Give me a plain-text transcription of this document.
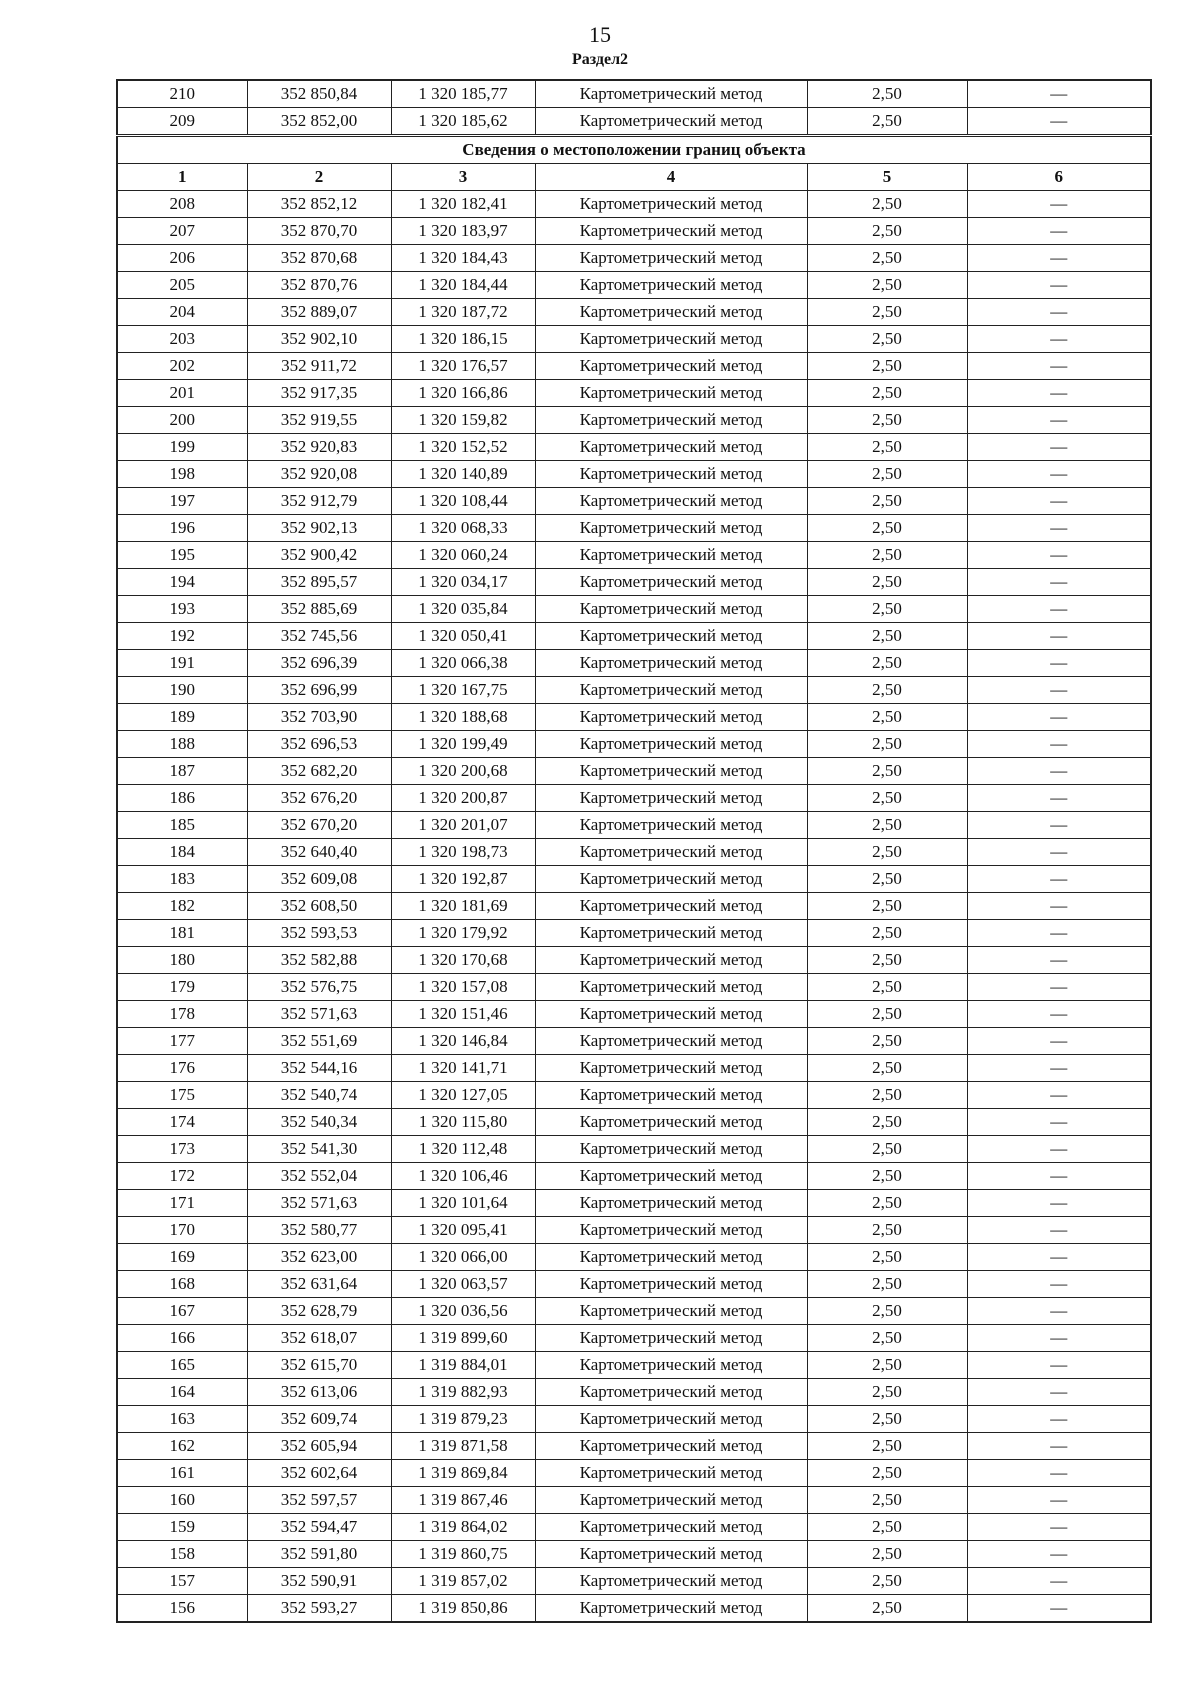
15
Раздел2
210	352 850,84	1 320 185,77	Картометрический метод	2,50	—
209	352 852,00	1 320 185,62	Картометрический метод	2,50	—
Сведения о местоположении границ объекта					
1	2	3	4	5	6
208	352 852,12	1 320 182,41	Картометрический метод	2,50	—
207	352 870,70	1 320 183,97	Картометрический метод	2,50	—
206	352 870,68	1 320 184,43	Картометрический метод	2,50	—
205	352 870,76	1 320 184,44	Картометрический метод	2,50	—
204	352 889,07	1 320 187,72	Картометрический метод	2,50	—
203	352 902,10	1 320 186,15	Картометрический метод	2,50	—
202	352 911,72	1 320 176,57	Картометрический метод	2,50	—
201	352 917,35	1 320 166,86	Картометрический метод	2,50	—
200	352 919,55	1 320 159,82	Картометрический метод	2,50	—
199	352 920,83	1 320 152,52	Картометрический метод	2,50	—
198	352 920,08	1 320 140,89	Картометрический метод	2,50	—
197	352 912,79	1 320 108,44	Картометрический метод	2,50	—
196	352 902,13	1 320 068,33	Картометрический метод	2,50	—
195	352 900,42	1 320 060,24	Картометрический метод	2,50	—
194	352 895,57	1 320 034,17	Картометрический метод	2,50	—
193	352 885,69	1 320 035,84	Картометрический метод	2,50	—
192	352 745,56	1 320 050,41	Картометрический метод	2,50	—
191	352 696,39	1 320 066,38	Картометрический метод	2,50	—
190	352 696,99	1 320 167,75	Картометрический метод	2,50	—
189	352 703,90	1 320 188,68	Картометрический метод	2,50	—
188	352 696,53	1 320 199,49	Картометрический метод	2,50	—
187	352 682,20	1 320 200,68	Картометрический метод	2,50	—
186	352 676,20	1 320 200,87	Картометрический метод	2,50	—
185	352 670,20	1 320 201,07	Картометрический метод	2,50	—
184	352 640,40	1 320 198,73	Картометрический метод	2,50	—
183	352 609,08	1 320 192,87	Картометрический метод	2,50	—
182	352 608,50	1 320 181,69	Картометрический метод	2,50	—
181	352 593,53	1 320 179,92	Картометрический метод	2,50	—
180	352 582,88	1 320 170,68	Картометрический метод	2,50	—
179	352 576,75	1 320 157,08	Картометрический метод	2,50	—
178	352 571,63	1 320 151,46	Картометрический метод	2,50	—
177	352 551,69	1 320 146,84	Картометрический метод	2,50	—
176	352 544,16	1 320 141,71	Картометрический метод	2,50	—
175	352 540,74	1 320 127,05	Картометрический метод	2,50	—
174	352 540,34	1 320 115,80	Картометрический метод	2,50	—
173	352 541,30	1 320 112,48	Картометрический метод	2,50	—
172	352 552,04	1 320 106,46	Картометрический метод	2,50	—
171	352 571,63	1 320 101,64	Картометрический метод	2,50	—
170	352 580,77	1 320 095,41	Картометрический метод	2,50	—
169	352 623,00	1 320 066,00	Картометрический метод	2,50	—
168	352 631,64	1 320 063,57	Картометрический метод	2,50	—
167	352 628,79	1 320 036,56	Картометрический метод	2,50	—
166	352 618,07	1 319 899,60	Картометрический метод	2,50	—
165	352 615,70	1 319 884,01	Картометрический метод	2,50	—
164	352 613,06	1 319 882,93	Картометрический метод	2,50	—
163	352 609,74	1 319 879,23	Картометрический метод	2,50	—
162	352 605,94	1 319 871,58	Картометрический метод	2,50	—
161	352 602,64	1 319 869,84	Картометрический метод	2,50	—
160	352 597,57	1 319 867,46	Картометрический метод	2,50	—
159	352 594,47	1 319 864,02	Картометрический метод	2,50	—
158	352 591,80	1 319 860,75	Картометрический метод	2,50	—
157	352 590,91	1 319 857,02	Картометрический метод	2,50	—
156	352 593,27	1 319 850,86	Картометрический метод	2,50	—
